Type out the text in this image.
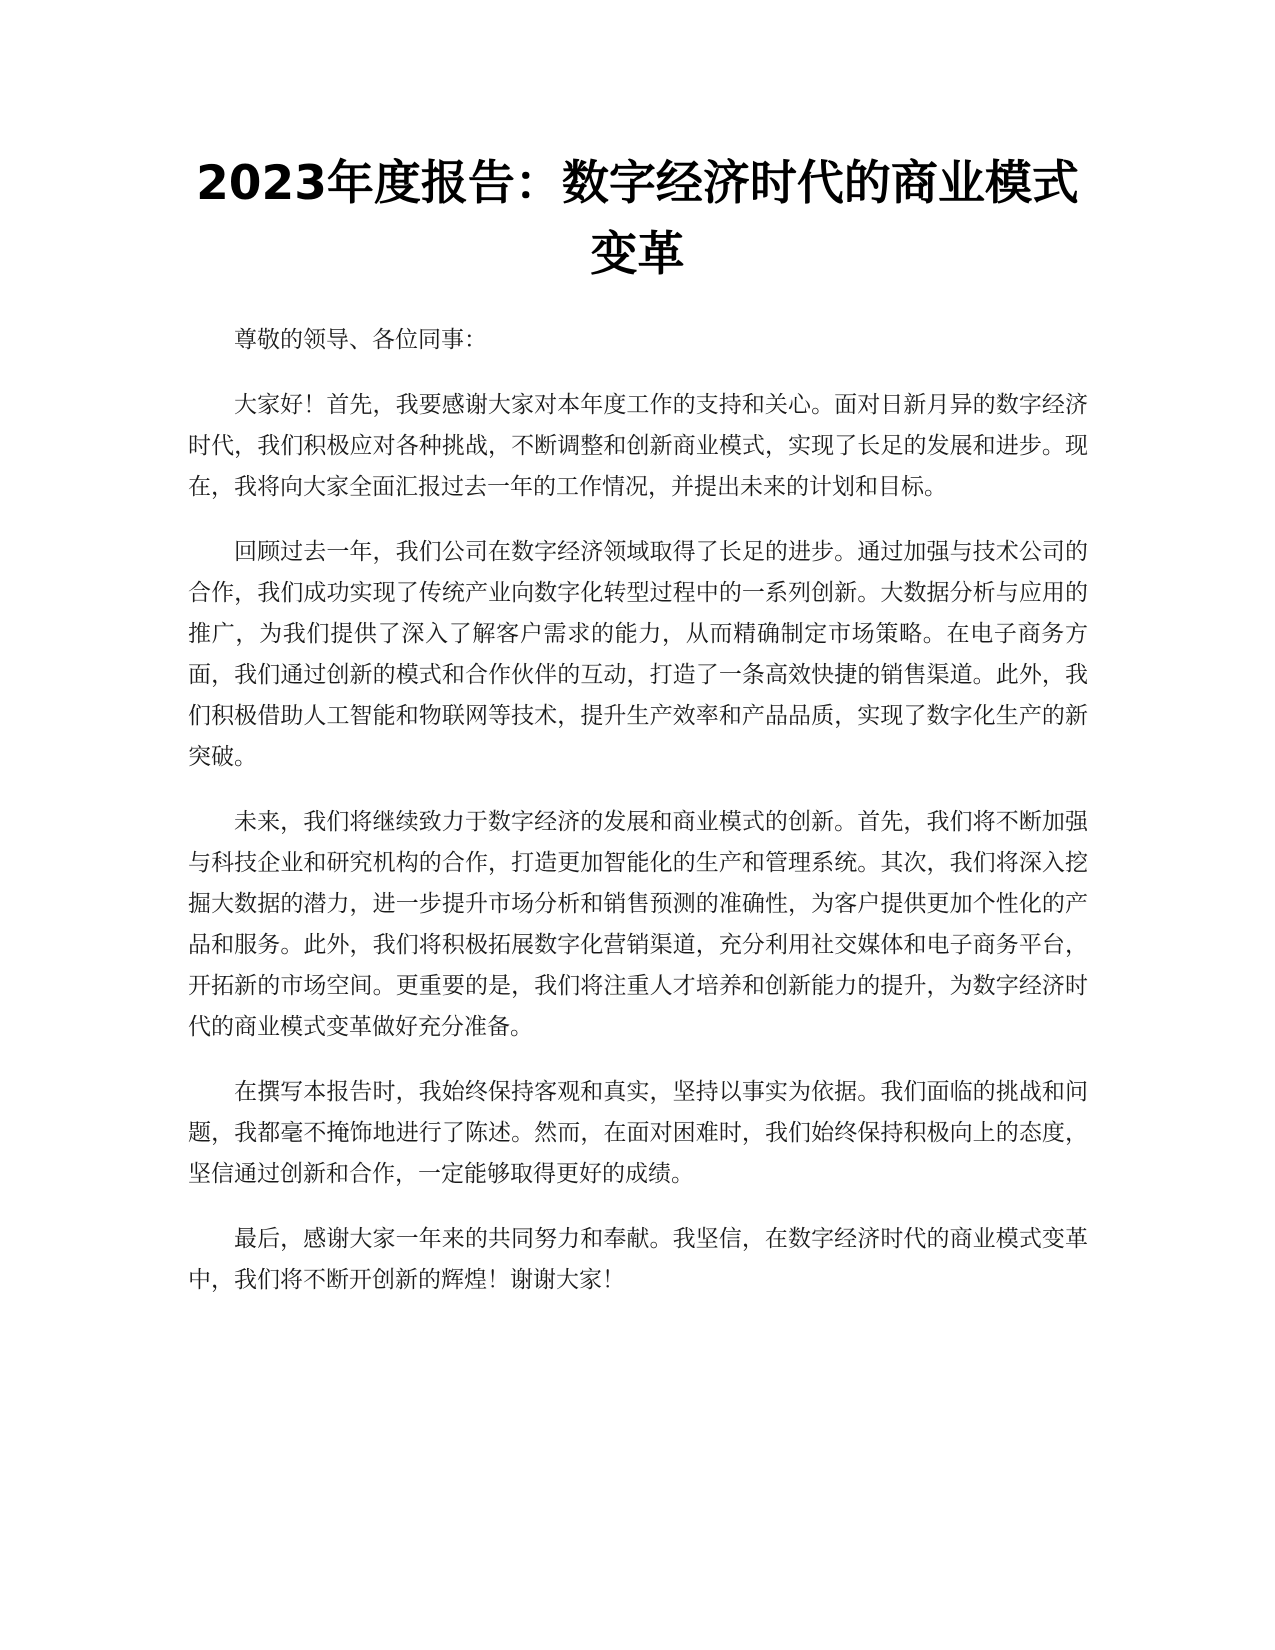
2023年度报告：数字经济时代的商业模式变革

尊敬的领导、各位同事：

大家好！首先，我要感谢大家对本年度工作的支持和关心。面对日新月异的数字经济时代，我们积极应对各种挑战，不断调整和创新商业模式，实现了长足的发展和进步。现在，我将向大家全面汇报过去一年的工作情况，并提出未来的计划和目标。

回顾过去一年，我们公司在数字经济领域取得了长足的进步。通过加强与技术公司的合作，我们成功实现了传统产业向数字化转型过程中的一系列创新。大数据分析与应用的推广，为我们提供了深入了解客户需求的能力，从而精确制定市场策略。在电子商务方面，我们通过创新的模式和合作伙伴的互动，打造了一条高效快捷的销售渠道。此外，我们积极借助人工智能和物联网等技术，提升生产效率和产品品质，实现了数字化生产的新突破。

未来，我们将继续致力于数字经济的发展和商业模式的创新。首先，我们将不断加强与科技企业和研究机构的合作，打造更加智能化的生产和管理系统。其次，我们将深入挖掘大数据的潜力，进一步提升市场分析和销售预测的准确性，为客户提供更加个性化的产品和服务。此外，我们将积极拓展数字化营销渠道，充分利用社交媒体和电子商务平台，开拓新的市场空间。更重要的是，我们将注重人才培养和创新能力的提升，为数字经济时代的商业模式变革做好充分准备。

在撰写本报告时，我始终保持客观和真实，坚持以事实为依据。我们面临的挑战和问题，我都毫不掩饰地进行了陈述。然而，在面对困难时，我们始终保持积极向上的态度，坚信通过创新和合作，一定能够取得更好的成绩。

最后，感谢大家一年来的共同努力和奉献。我坚信，在数字经济时代的商业模式变革中，我们将不断开创新的辉煌！谢谢大家！
